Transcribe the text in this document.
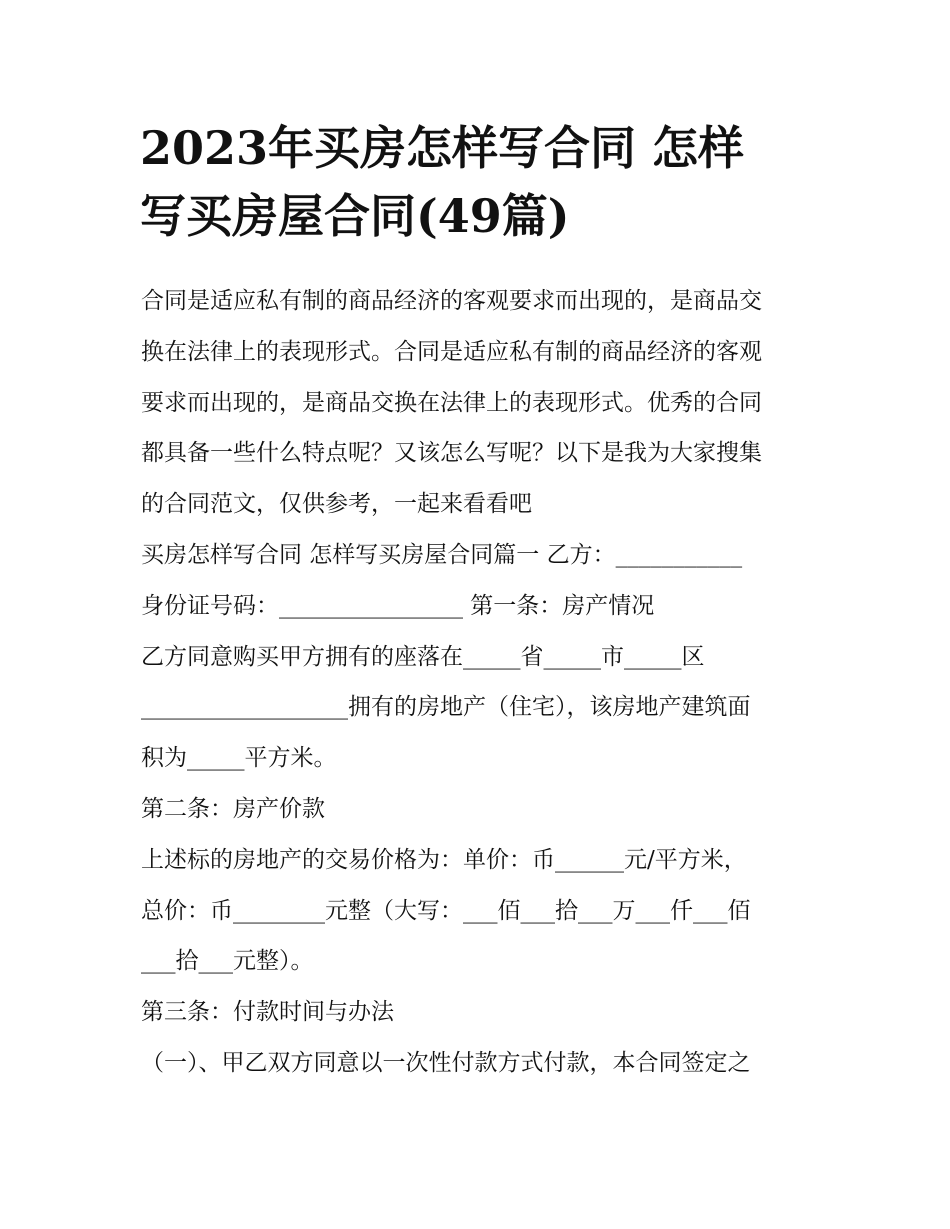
2023年买房怎样写合同 怎样
写买房屋合同(49篇)
合同是适应私有制的商品经济的客观要求而出现的，是商品交
换在法律上的表现形式。合同是适应私有制的商品经济的客观
要求而出现的，是商品交换在法律上的表现形式。优秀的合同
都具备一些什么特点呢？又该怎么写呢？以下是我为大家搜集
的合同范文，仅供参考，一起来看看吧
买房怎样写合同 怎样写买房屋合同篇一 乙方：___________
身份证号码：________________ 第一条：房产情况
乙方同意购买甲方拥有的座落在_____省_____市_____区
__________________拥有的房地产（住宅），该房地产建筑面
积为_____平方米。
第二条：房产价款
上述标的房地产的交易价格为：单价：币______元/平方米，
总价：币________元整（大写：___佰___拾___万___仟___佰
___拾___元整）。
第三条：付款时间与办法
（一）、甲乙双方同意以一次性付款方式付款，本合同签定之
